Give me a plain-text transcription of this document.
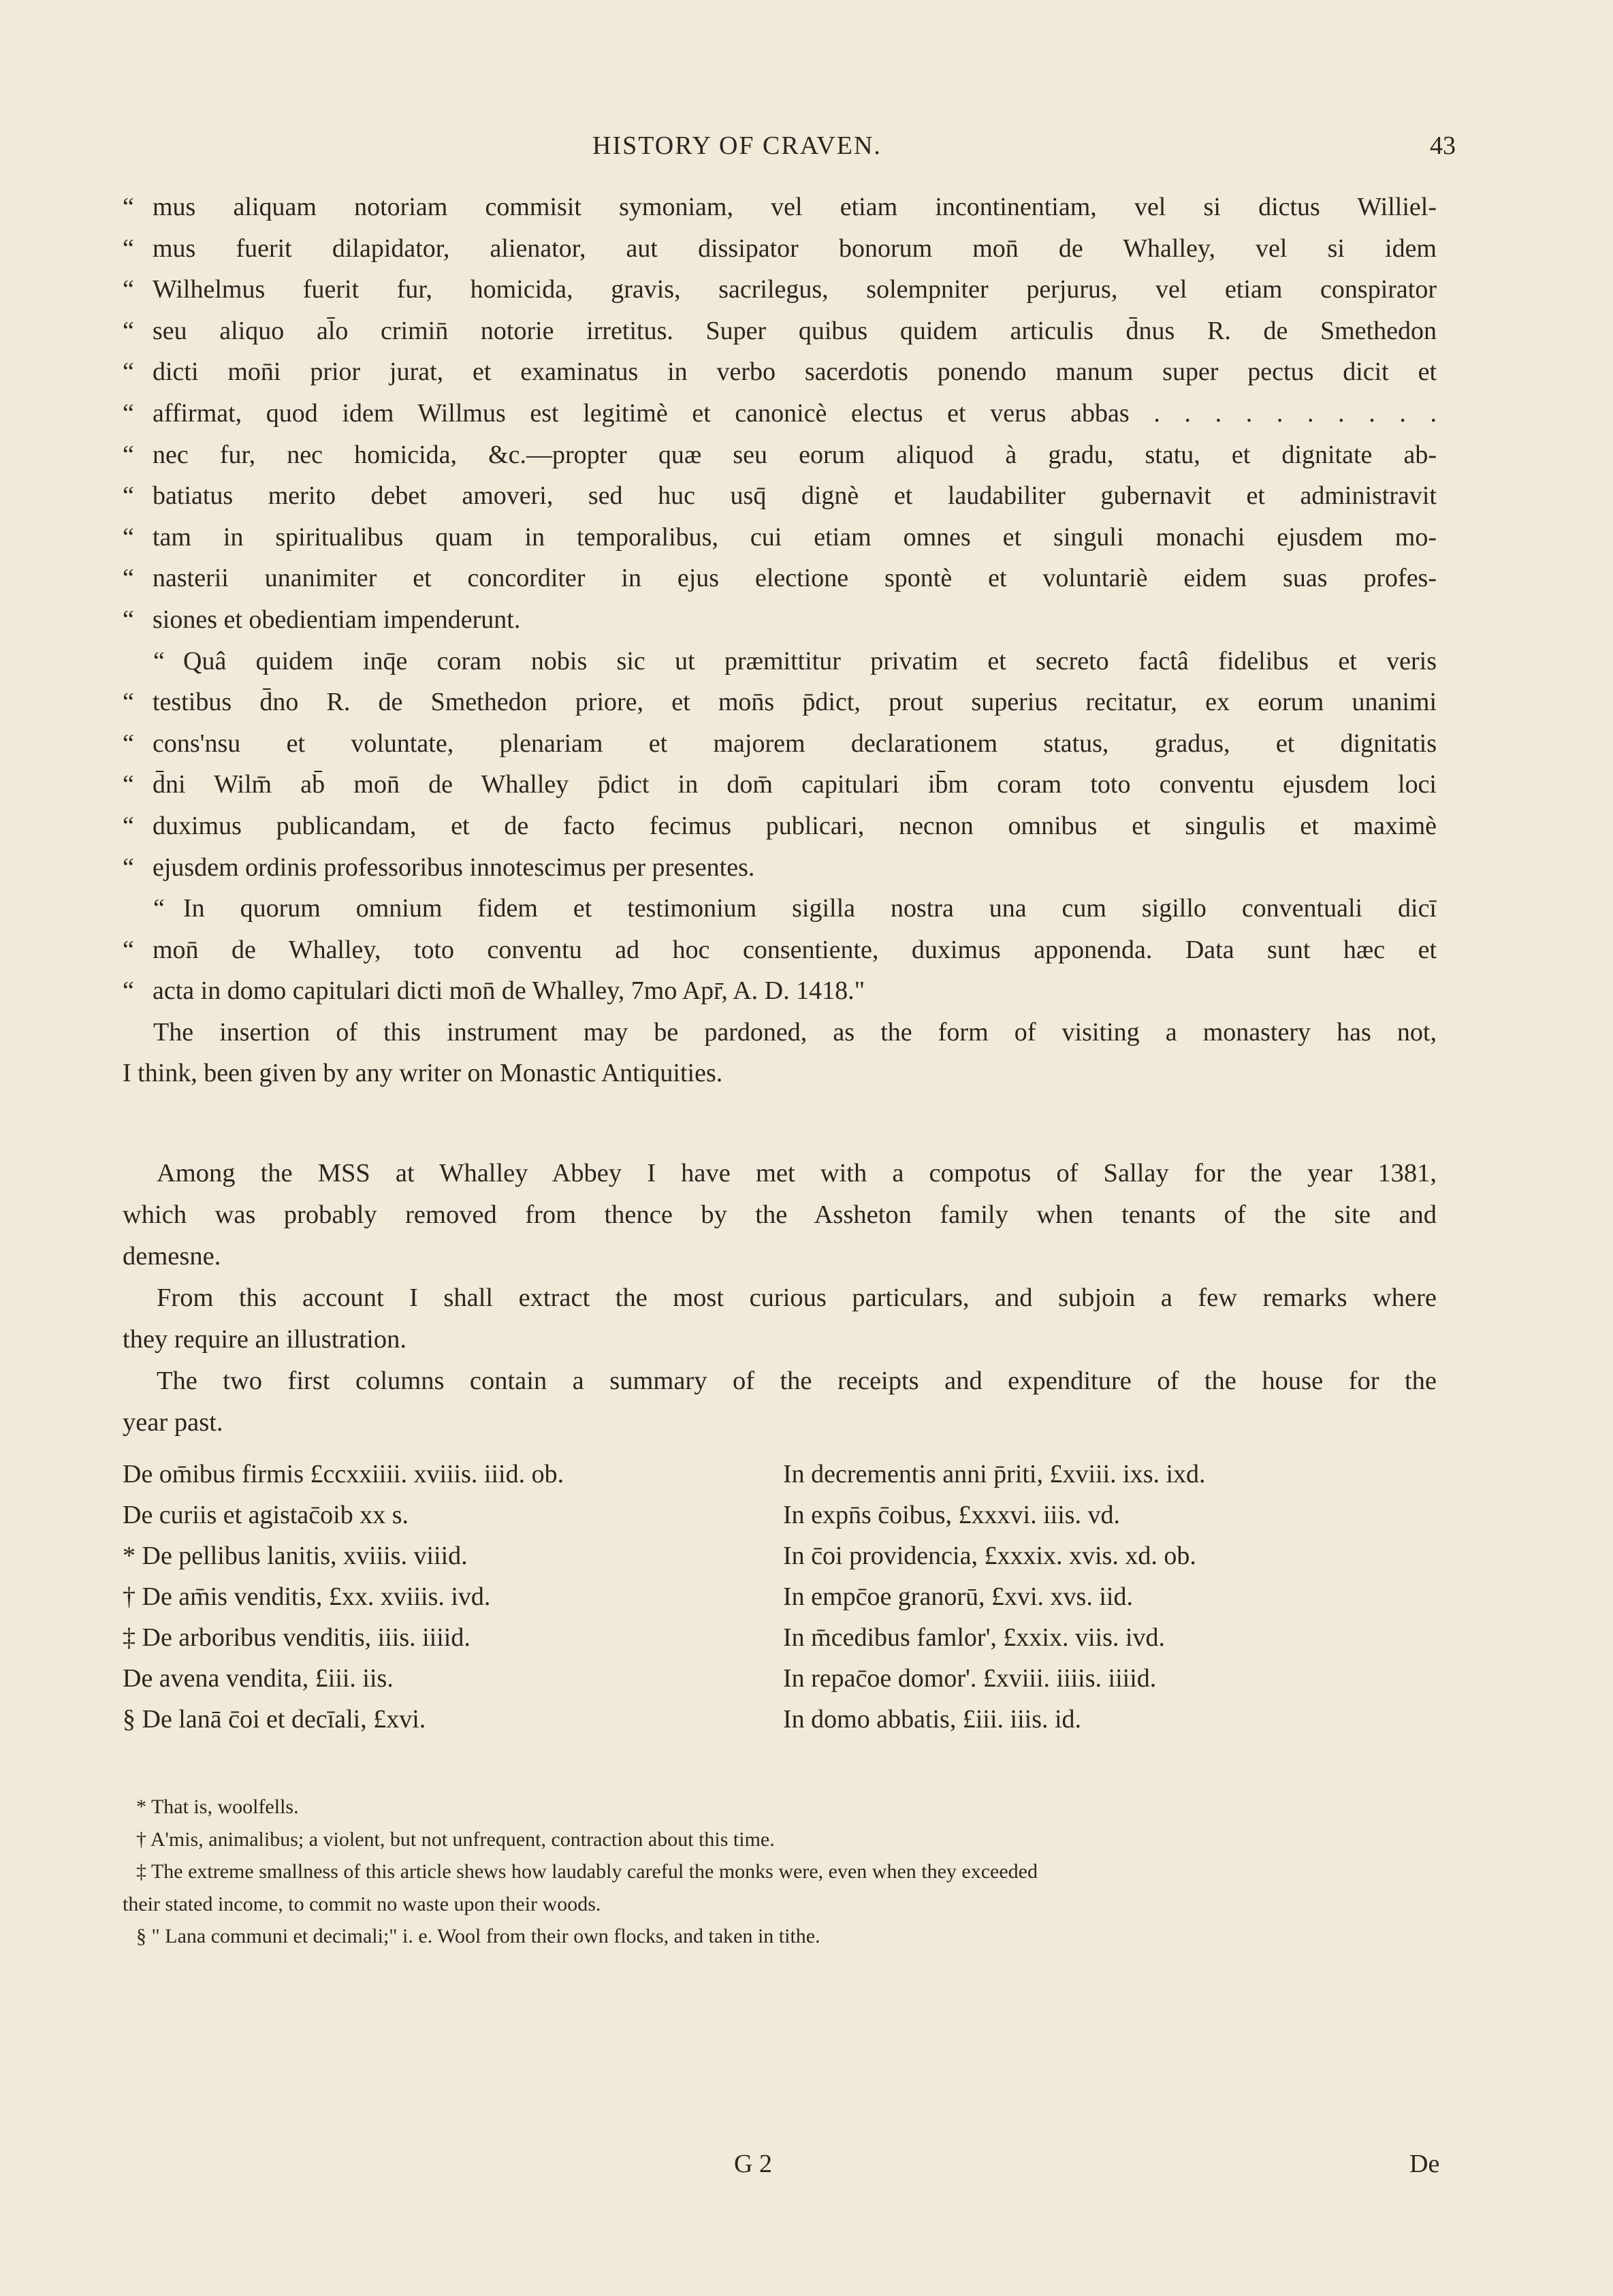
HISTORY OF CRAVEN.	43
“ mus aliquam notoriam commisit symoniam, vel etiam incontinentiam, vel si dictus Williel-
“ mus fuerit dilapidator, alienator, aut dissipator bonorum mon̄ de Whalley, vel si idem
“ Wilhelmus fuerit fur, homicida, gravis, sacrilegus, solempniter perjurus, vel etiam conspirator
“ seu aliquo al̄o crimin̄ notorie irretitus. Super quibus quidem articulis d̄nus R. de Smethedon
“ dicti mon̄i prior jurat, et examinatus in verbo sacerdotis ponendo manum super pectus dicit et
“ affirmat, quod idem Willmus est legitimè et canonicè electus et verus abbas . . . . . . . . . .
“ nec fur, nec homicida, &c.—propter quæ seu eorum aliquod à gradu, statu, et dignitate ab-
“ batiatus merito debet amoveri, sed huc usq̄ dignè et laudabiliter gubernavit et administravit
“ tam in spiritualibus quam in temporalibus, cui etiam omnes et singuli monachi ejusdem mo-
“ nasterii unanimiter et concorditer in ejus electione spontè et voluntariè eidem suas profes-
“ siones et obedientiam impenderunt.
“ Quâ quidem inq̄e coram nobis sic ut præmittitur privatim et secreto factâ fidelibus et veris
“ testibus d̄no R. de Smethedon priore, et mon̄s p̄dict, prout superius recitatur, ex eorum unanimi
“ cons'nsu et voluntate, plenariam et majorem declarationem status, gradus, et dignitatis
“ d̄ni Wilm̄ ab̄ mon̄ de Whalley p̄dict in dom̄ capitulari ib̄m coram toto conventu ejusdem loci
“ duximus publicandam, et de facto fecimus publicari, necnon omnibus et singulis et maximè
“ ejusdem ordinis professoribus innotescimus per presentes.
“ In quorum omnium fidem et testimonium sigilla nostra una cum sigillo conventuali dicī
“ mon̄ de Whalley, toto conventu ad hoc consentiente, duximus apponenda. Data sunt hæc et
“ acta in domo capitulari dicti mon̄ de Whalley, 7mo Apr̄, A. D. 1418."
The insertion of this instrument may be pardoned, as the form of visiting a monastery has not,
I think, been given by any writer on Monastic Antiquities.
Among the MSS at Whalley Abbey I have met with a compotus of Sallay for the year 1381,
which was probably removed from thence by the Assheton family when tenants of the site and
demesne.
From this account I shall extract the most curious particulars, and subjoin a few remarks where
they require an illustration.
The two first columns contain a summary of the receipts and expenditure of the house for the
year past.
De om̄ibus firmis £ccxxiiii. xviiis. iiid. ob.
De curiis et agistac̄oib xx s.
* De pellibus lanitis, xviiis. viiid.
† De am̄is venditis, £xx. xviiis. ivd.
‡ De arboribus venditis, iiis. iiiid.
De avena vendita, £iii. iis.
§ De lanā c̄oi et decīali, £xvi.
In decrementis anni p̄riti, £xviii. ixs. ixd.
In expn̄s c̄oibus, £xxxvi. iiis. vd.
In c̄oi providencia, £xxxix. xvis. xd. ob.
In empc̄oe granorū, £xvi. xvs. iid.
In m̄cedibus famlor', £xxix. viis. ivd.
In repac̄oe domor'. £xviii. iiiis. iiiid.
In domo abbatis, £iii. iiis. id.
* That is, woolfells.
† A'mis, animalibus; a violent, but not unfrequent, contraction about this time.
‡ The extreme smallness of this article shews how laudably careful the monks were, even when they exceeded
their stated income, to commit no waste upon their woods.
§ " Lana communi et decimali;" i. e. Wool from their own flocks, and taken in tithe.
G 2	De
